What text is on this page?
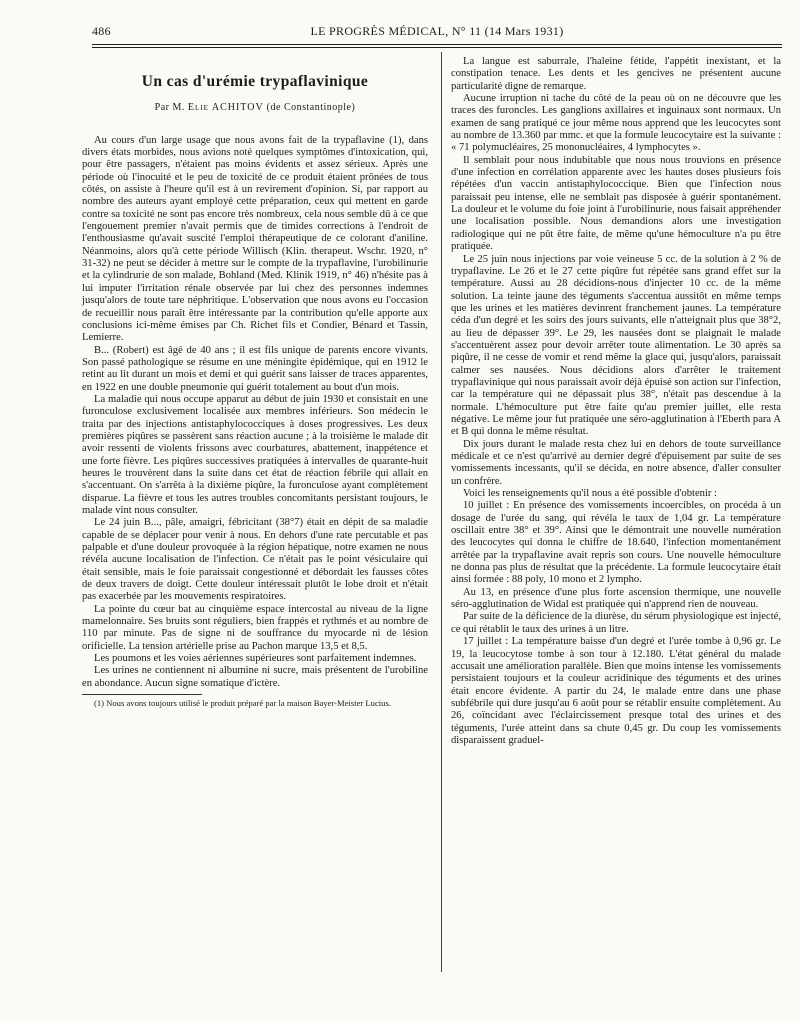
486	LE PROGRÈS MÉDICAL, N° 11 (14 Mars 1931)
Un cas d'urémie trypaflavinique
Par M. Elie ACHITOV (de Constantinople)

Au cours d'un large usage que nous avons fait de la trypaflavine (1), dans divers états morbides, nous avions noté quelques symptômes d'intoxication, qui, pour être passagers, n'étaient pas moins évidents et assez sérieux. Après une période où l'inocuité et le peu de toxicité de ce produit étaient prônées de tous côtés, on assiste à l'heure qu'il est à un revirement d'opinion. Si, par rapport au nombre des auteurs ayant employé cette préparation, ceux qui mettent en garde contre sa toxicité ne sont pas encore très nombreux, cela nous semble dû à ce que l'engouement premier n'avait permis que de timides corrections à l'endroit de l'enthousiasme qu'avait suscité l'emploi thérapeutique de ce colorant d'aniline. Néanmoins, alors qu'à cette période Willisch (Klin. therapeut. Wschr. 1920, n° 31-32) ne peut se décider à mettre sur le compte de la trypaflavine, l'urobilinurie et la cylindrurie de son malade, Bohland (Med. Klinik 1919, n° 46) n'hésite pas à lui imputer l'irritation rénale observée par lui chez des personnes indemnes jusqu'alors de toute tare néphritique. L'observation que nous avons eu l'occasion de recueillir nous paraît être intéressante par la contribution qu'elle apporte aux conclusions ici-même émises par Ch. Richet fils et Condier, Bénard et Tassin, Lemierre.

B... (Robert) est âgé de 40 ans ; il est fils unique de parents encore vivants. Son passé pathologique se résume en une méningite épidémique, qui en 1912 le retint au lit durant un mois et demi et qui guérit sans laisser de traces apparentes, en 1922 en une double pneumonie qui guérit totalement au bout d'un mois.

La maladie qui nous occupe apparut au début de juin 1930 et consistait en une furonculose exclusivement localisée aux membres inférieurs. Son médecin le traita par des injections antistaphylococciques à doses progressives. Les deux premières piqûres se passèrent sans réaction aucune ; à la troisième le malade dit avoir ressenti de violents frissons avec courbatures, abattement, inappétence et une forte fièvre. Les piqûres successives pratiquées à intervalles de quarante-huit heures le trouvèrent dans la suite dans cet état de réaction fébrile qui allait en s'accentuant. On s'arrêta à la dixième piqûre, la furonculose ayant complètement disparue. La fièvre et tous les autres troubles concomitants persistant toujours, le malade vint nous consulter.

Le 24 juin B..., pâle, amaigri, fébricitant (38°7) était en dépit de sa maladie capable de se déplacer pour venir à nous. En dehors d'une rate percutable et pas palpable et d'une douleur provoquée à la région hépatique, notre examen ne nous révéla aucune localisation de l'infection. Ce n'était pas le point vésiculaire qui était sensible, mais le foie paraissait congestionné et débordait les fausses côtes de deux travers de doigt. Cette douleur intéressait plutôt le lobe droit et n'était pas exacerbée par les mouvements respiratoires.

La pointe du cœur bat au cinquième espace intercostal au niveau de la ligne mamelonnaire. Ses bruits sont réguliers, bien frappés et rythmés et au nombre de 110 par minute. Pas de signe ni de souffrance du myocarde ni de lésion orificielle. La tension artérielle prise au Pachon marque 13,5 et 8,5.

Les poumons et les voies aériennes supérieures sont parfaitement indemnes.

Les urines ne contiennent ni albumine ni sucre, mais présentent de l'urobiline en abondance. Aucun signe somatique d'ictère.

(1) Nous avons toujours utilisé le produit préparé par la maison Bayer-Meister Lucius.

La langue est saburrale, l'haleine fétide, l'appétit inexistant, et la constipation tenace. Les dents et les gencives ne présentent aucune particularité digne de remarque.

Aucune irruption ni tache du côté de la peau où on ne découvre que les traces des furoncles. Les ganglions axillaires et inguinaux sont normaux. Un examen de sang pratiqué ce jour même nous apprend que les leucocytes sont au nombre de 13.360 par mmc. et que la formule leucocytaire est la suivante : « 71 polymucléaires, 25 mononucléaires, 4 lymphocytes ».

Il semblait pour nous indubitable que nous nous trouvions en présence d'une infection en corrélation apparente avec les hautes doses plusieurs fois répétées d'un vaccin antistaphylococcique. Bien que l'infection nous paraissait peu intense, elle ne semblait pas disposée à guérir spontanément. La douleur et le volume du foie joint à l'urobilinurie, nous faisait appréhender une localisation possible. Nous demandions alors une investigation radiologique qui ne pût être faite, de même qu'une hémoculture n'a pu être pratiquée.

Le 25 juin nous injections par voie veineuse 5 cc. de la solution à 2 % de trypaflavine. Le 26 et le 27 cette piqûre fut répétée sans grand effet sur la température. Aussi au 28 décidions-nous d'injecter 10 cc. de la même solution. La teinte jaune des téguments s'accentua aussitôt en même temps que les urines et les matières devinrent franchement jaunes. La température céda d'un degré et les soirs des jours suivants, elle n'atteignait plus que 38°2, au lieu de dépasser 39°. Le 29, les nausées dont se plaignait le malade s'accentuèrent assez pour devoir arrêter toute alimentation. Le 30 après sa piqûre, il ne cesse de vomir et rend même la glace qui, jusqu'alors, paraissait calmer ses nausées. Nous décidions alors d'arrêter le traitement trypaflavinique qui nous paraissait avoir déjà épuisé son action sur l'infection, car la température qui ne dépassait plus 38°, n'était pas descendue à la normale. L'hémoculture put être faite qu'au premier juillet, elle resta négative. Le même jour fut pratiquée une séro-agglutination à l'Eberth para A et B qui donna le même résultat.

Dix jours durant le malade resta chez lui en dehors de toute surveillance médicale et ce n'est qu'arrivé au dernier degré d'épuisement par suite de ses vomissements incessants, qu'il se décida, en notre absence, d'aller consulter un confrère.

Voici les renseignements qu'il nous a été possible d'obtenir :

10 juillet : En présence des vomissements incoercibles, on procéda à un dosage de l'urée du sang, qui révéla le taux de 1,04 gr. La température oscillait entre 38° et 39°. Ainsi que le démontrait une nouvelle numération des leucocytes qui donna le chiffre de 18.640, l'infection momentanément arrêtée par la trypaflavine avait repris son cours. Une nouvelle hémoculture ne donna pas plus de résultat que la précédente. La formule leucocytaire était ainsi formée : 88 poly, 10 mono et 2 lympho.

Au 13, en présence d'une plus forte ascension thermique, une nouvelle séro-agglutination de Widal est pratiquée qui n'apprend rien de nouveau.

Par suite de la déficience de la diurèse, du sérum physiologique est injecté, ce qui rétablit le taux des urines à un litre.

17 juillet : La température baisse d'un degré et l'urée tombe à 0,96 gr. Le 19, la leucocytose tombe à son tour à 12.180. L'état général du malade accusait une amélioration parallèle. Bien que moins intense les vomissements persistaient toujours et la couleur acridinique des téguments et des urines était encore évidente. A partir du 24, le malade entre dans une phase subfébrile qui dure jusqu'au 6 août pour se rétablir ensuite complètement. Au 26, coïncidant avec l'éclaircissement presque total des urines et des téguments, l'urée atteint dans sa chute 0,45 gr. Du coup les vomissements disparaissent graduel-
